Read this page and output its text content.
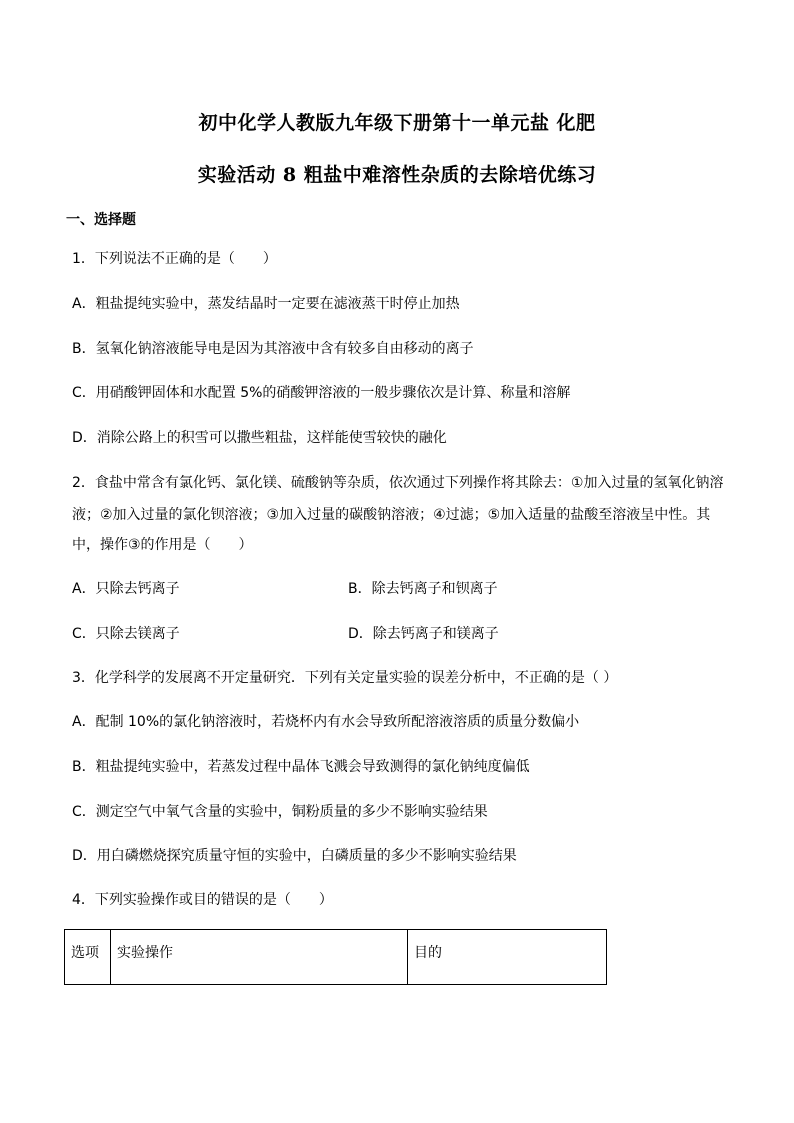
初中化学人教版九年级下册第十一单元盐 化肥
实验活动 8 粗盐中难溶性杂质的去除培优练习
一、选择题
1．下列说法不正确的是（　　）
A．粗盐提纯实验中，蒸发结晶时一定要在滤液蒸干时停止加热
B．氢氧化钠溶液能导电是因为其溶液中含有较多自由移动的离子
C．用硝酸钾固体和水配置 5%的硝酸钾溶液的一般步骤依次是计算、称量和溶解
D．消除公路上的积雪可以撒些粗盐，这样能使雪较快的融化
2．食盐中常含有氯化钙、氯化镁、硫酸钠等杂质，依次通过下列操作将其除去：①加入过量的氢氧化钠溶
液；②加入过量的氯化钡溶液；③加入过量的碳酸钠溶液；④过滤；⑤加入适量的盐酸至溶液呈中性。其
中，操作③的作用是（　　）
A．只除去钙离子	B．除去钙离子和钡离子
C．只除去镁离子	D．除去钙离子和镁离子
3．化学科学的发展离不开定量研究．下列有关定量实验的误差分析中，不正确的是（ ）
A．配制 10%的氯化钠溶液时，若烧杯内有水会导致所配溶液溶质的质量分数偏小
B．粗盐提纯实验中，若蒸发过程中晶体飞溅会导致测得的氯化钠纯度偏低
C．测定空气中氧气含量的实验中，铜粉质量的多少不影响实验结果
D．用白磷燃烧探究质量守恒的实验中，白磷质量的多少不影响实验结果
4．下列实验操作或目的错误的是（　　）
选项	实验操作	目的
